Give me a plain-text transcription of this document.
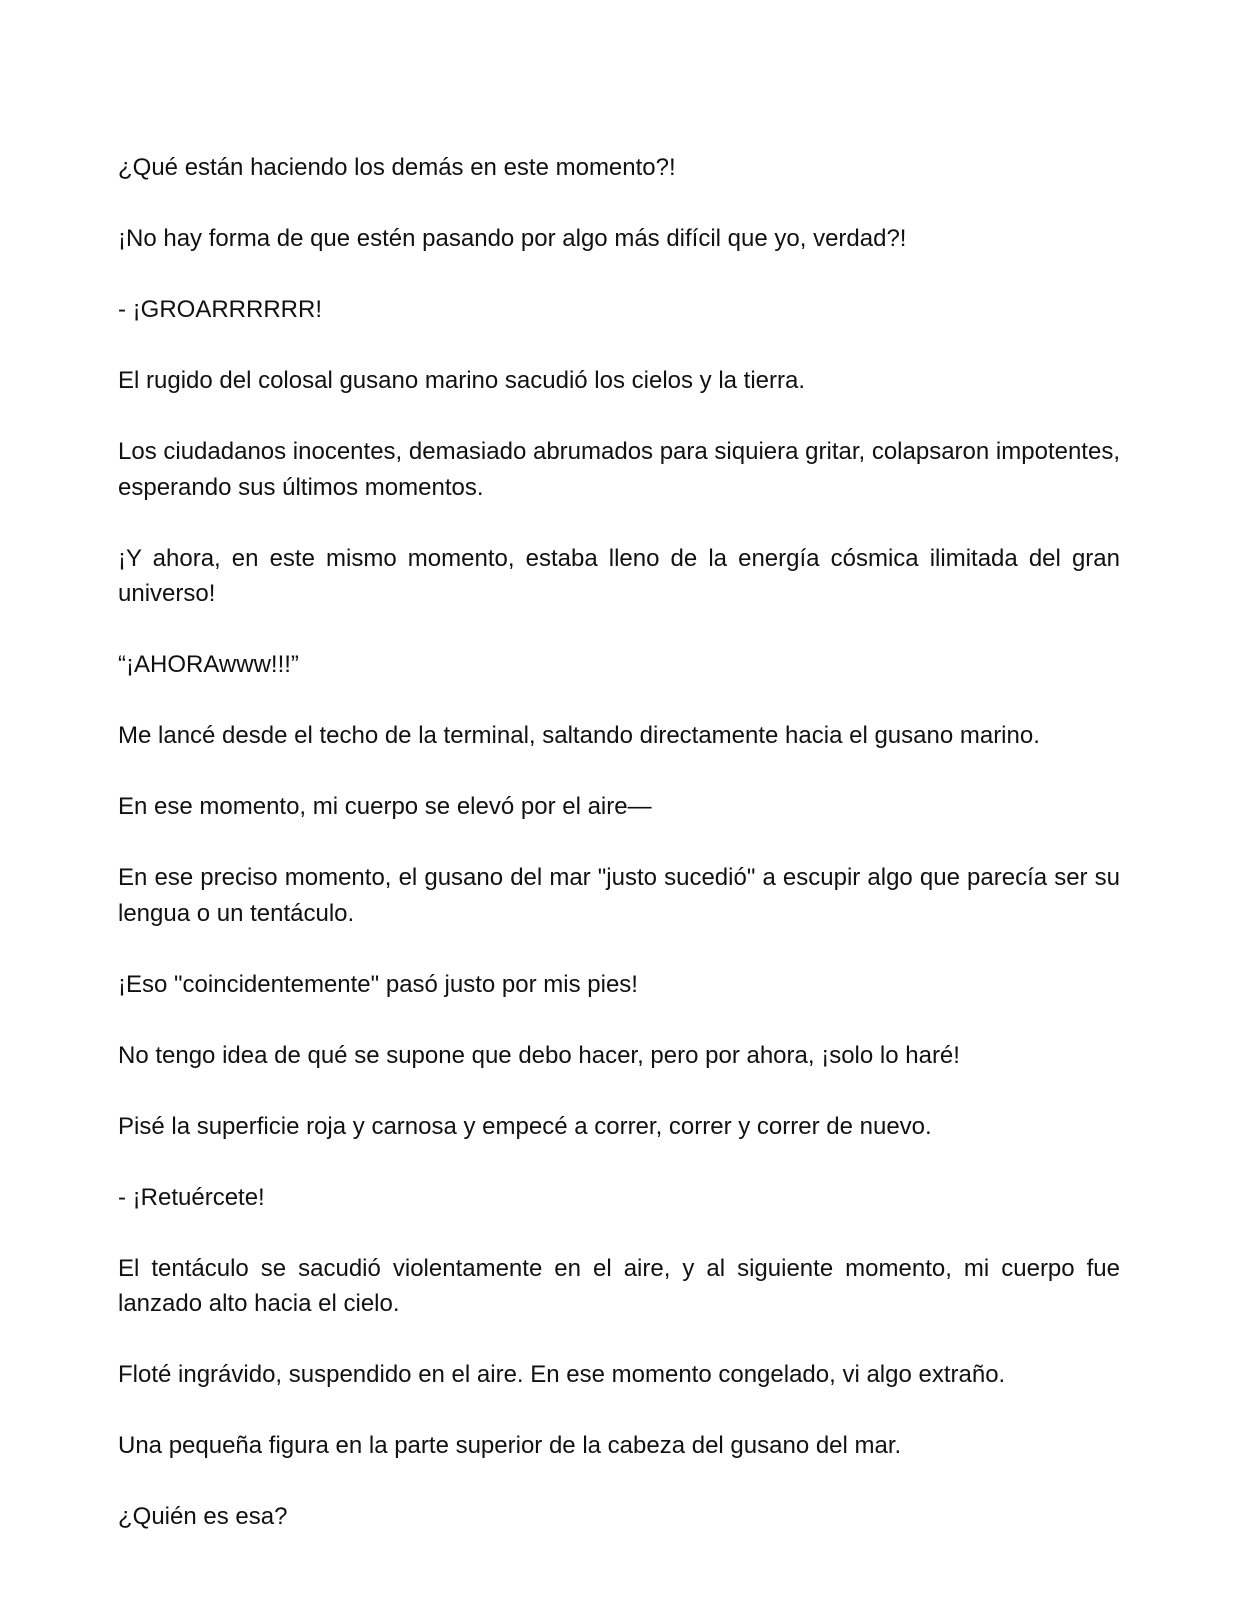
¿Qué están haciendo los demás en este momento?!

¡No hay forma de que estén pasando por algo más difícil que yo, verdad?!

- ¡GROARRRRRR!

El rugido del colosal gusano marino sacudió los cielos y la tierra.

Los ciudadanos inocentes, demasiado abrumados para siquiera gritar, colapsaron impotentes, esperando sus últimos momentos.

¡Y ahora, en este mismo momento, estaba lleno de la energía cósmica ilimitada del gran universo!

“¡AHORAwww!!!”

Me lancé desde el techo de la terminal, saltando directamente hacia el gusano marino.

En ese momento, mi cuerpo se elevó por el aire—

En ese preciso momento, el gusano del mar "justo sucedió" a escupir algo que parecía ser su lengua o un tentáculo.

¡Eso "coincidentemente" pasó justo por mis pies!

No tengo idea de qué se supone que debo hacer, pero por ahora, ¡solo lo haré!

Pisé la superficie roja y carnosa y empecé a correr, correr y correr de nuevo.

- ¡Retuércete!

El tentáculo se sacudió violentamente en el aire, y al siguiente momento, mi cuerpo fue lanzado alto hacia el cielo.

Floté ingrávido, suspendido en el aire. En ese momento congelado, vi algo extraño.

Una pequeña figura en la parte superior de la cabeza del gusano del mar.

¿Quién es esa?
